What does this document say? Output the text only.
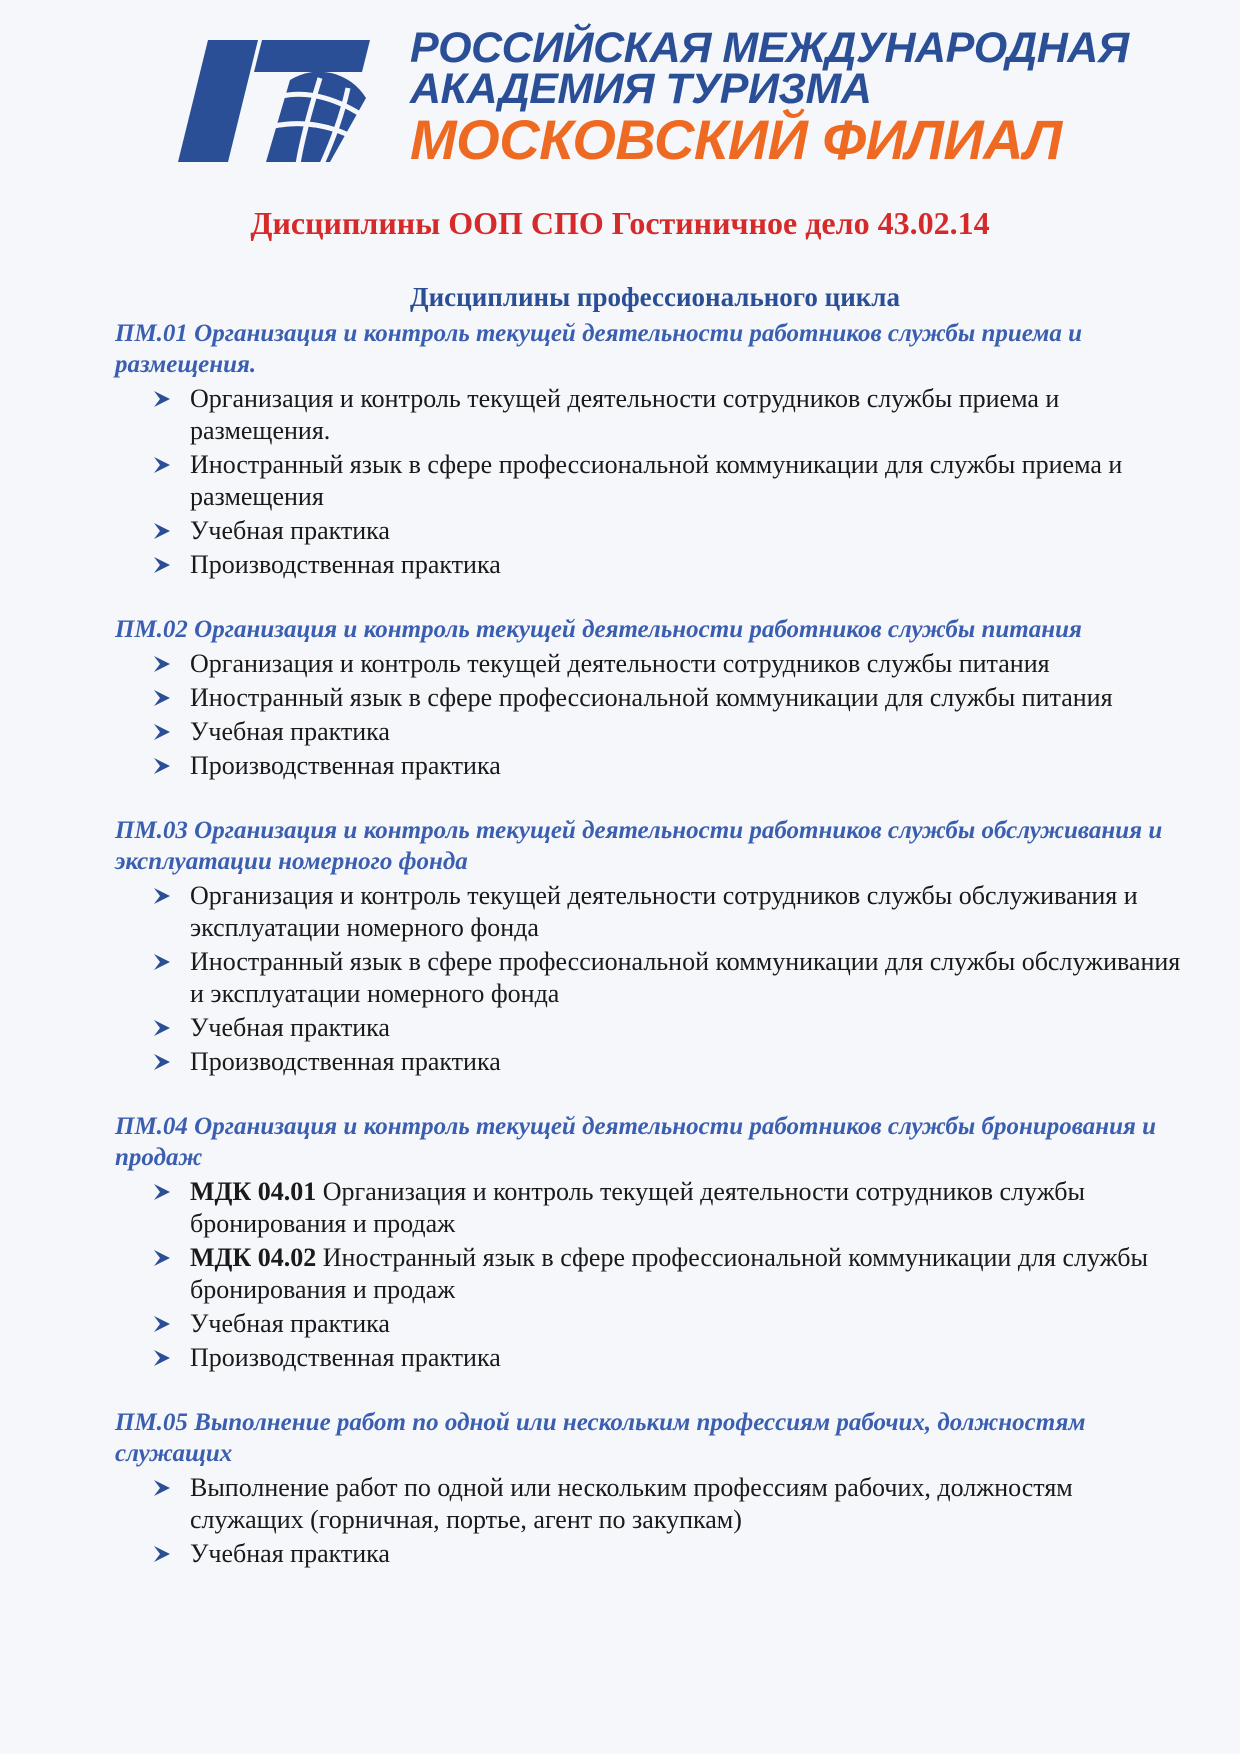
РОССИЙСКАЯ МЕЖДУНАРОДНАЯ
АКАДЕМИЯ ТУРИЗМА
МОСКОВСКИЙ ФИЛИАЛ
Дисциплины ООП СПО Гостиничное дело 43.02.14
Дисциплины профессионального цикла

ПМ.01 Организация и контроль текущей деятельности работников службы приема и размещения.

Организация и контроль текущей деятельности сотрудников службы приема и размещения.
Иностранный язык в сфере профессиональной коммуникации для службы приема и размещения
Учебная практика
Производственная практика

ПМ.02 Организация и контроль текущей деятельности работников службы питания

Организация и контроль текущей деятельности сотрудников службы питания
Иностранный язык в сфере профессиональной коммуникации для службы питания
Учебная практика
Производственная практика

ПМ.03 Организация и контроль текущей деятельности работников службы обслуживания и эксплуатации номерного фонда

Организация и контроль текущей деятельности сотрудников службы обслуживания и эксплуатации номерного фонда
Иностранный язык в сфере профессиональной коммуникации для службы обслуживания и эксплуатации номерного фонда
Учебная практика
Производственная практика

ПМ.04 Организация и контроль текущей деятельности работников службы бронирования и продаж

МДК 04.01 Организация и контроль текущей деятельности сотрудников службы бронирования и продаж
МДК 04.02 Иностранный язык в сфере профессиональной коммуникации для службы бронирования и продаж
Учебная практика
Производственная практика

ПМ.05 Выполнение работ по одной или нескольким профессиям рабочих, должностям служащих

Выполнение работ по одной или нескольким профессиям рабочих, должностям служащих (горничная, портье, агент по закупкам)
Учебная практика
